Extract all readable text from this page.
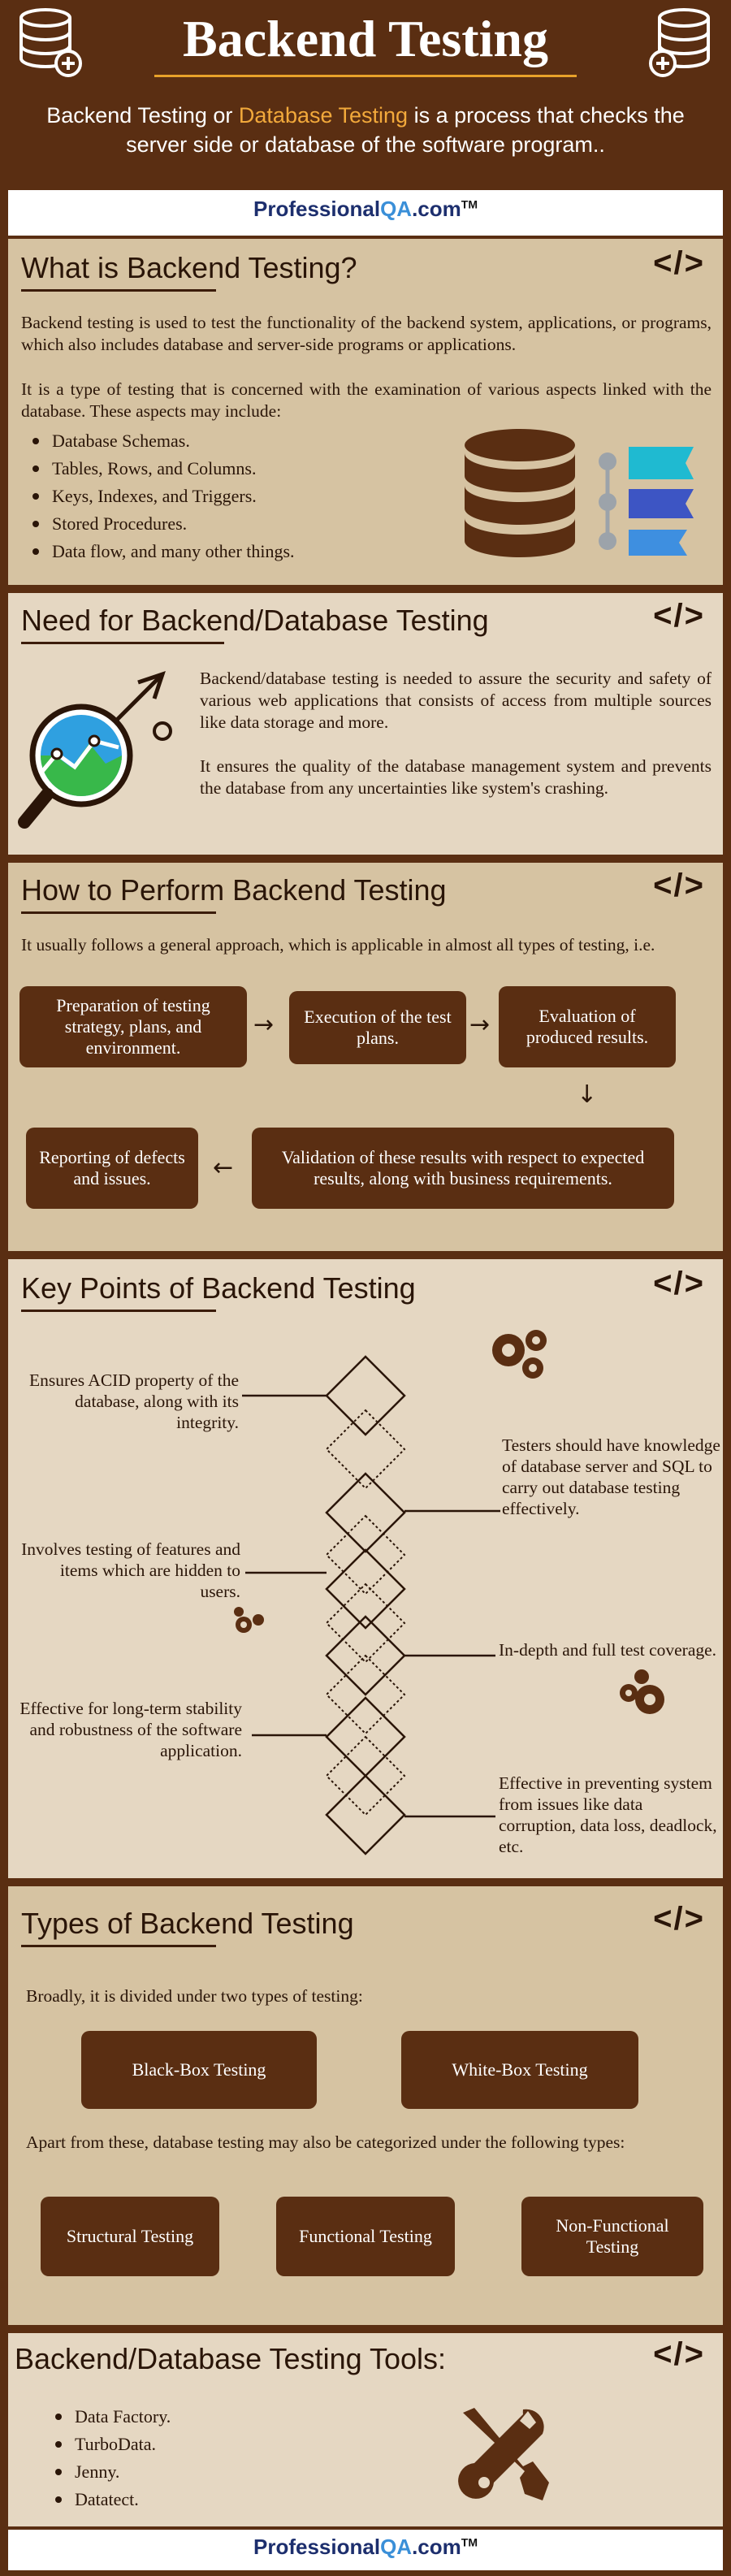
Backend Testing
Backend Testing or Database Testing is a process that checks the server side or database of the software program..
ProfessionalQA.com™
What is Backend Testing?	</>
Backend testing is used to test the functionality of the backend system, applications, or programs, which also includes database and server-side programs or applications.
It is a type of testing that is concerned with the examination of various aspects linked with the database. These aspects may include:
Database Schemas.
Tables, Rows, and Columns.
Keys, Indexes, and Triggers.
Stored Procedures.
Data flow, and many other things.
Need for Backend/Database Testing	</>
Backend/database testing is needed to assure the security and safety of various web applications that consists of access from multiple sources like data storage and more.
It ensures the quality of the database management system and prevents the database from any uncertainties like system's crashing.
How to Perform Backend Testing	</>
It usually follows a general approach, which is applicable in almost all types of testing, i.e.
Preparation of testing strategy, plans, and environment.
→	Execution of the test plans.	→	Evaluation of produced results.
↓
Validation of these results with respect to expected results, along with business requirements.
←
Reporting of defects and issues.
Key Points of Backend Testing	</>
Ensures ACID property of the database, along with its integrity.
Involves testing of features and items which are hidden to users.
Effective for long-term stability and robustness of the software application.
Testers should have knowledge of database server and SQL to carry out database testing effectively.
In-depth and full test coverage.
Effective in preventing system from issues like data corruption, data loss, deadlock, etc.
Types of Backend Testing	</>
Broadly, it is divided under two types of testing:
Black-Box Testing	White-Box Testing
Apart from these, database testing may also be categorized under the following types:
Structural Testing	Functional Testing
Non-Functional Testing
Backend/Database Testing Tools:	</>
Data Factory.
TurboData.
Jenny.
Datatect.
ProfessionalQA.com™
